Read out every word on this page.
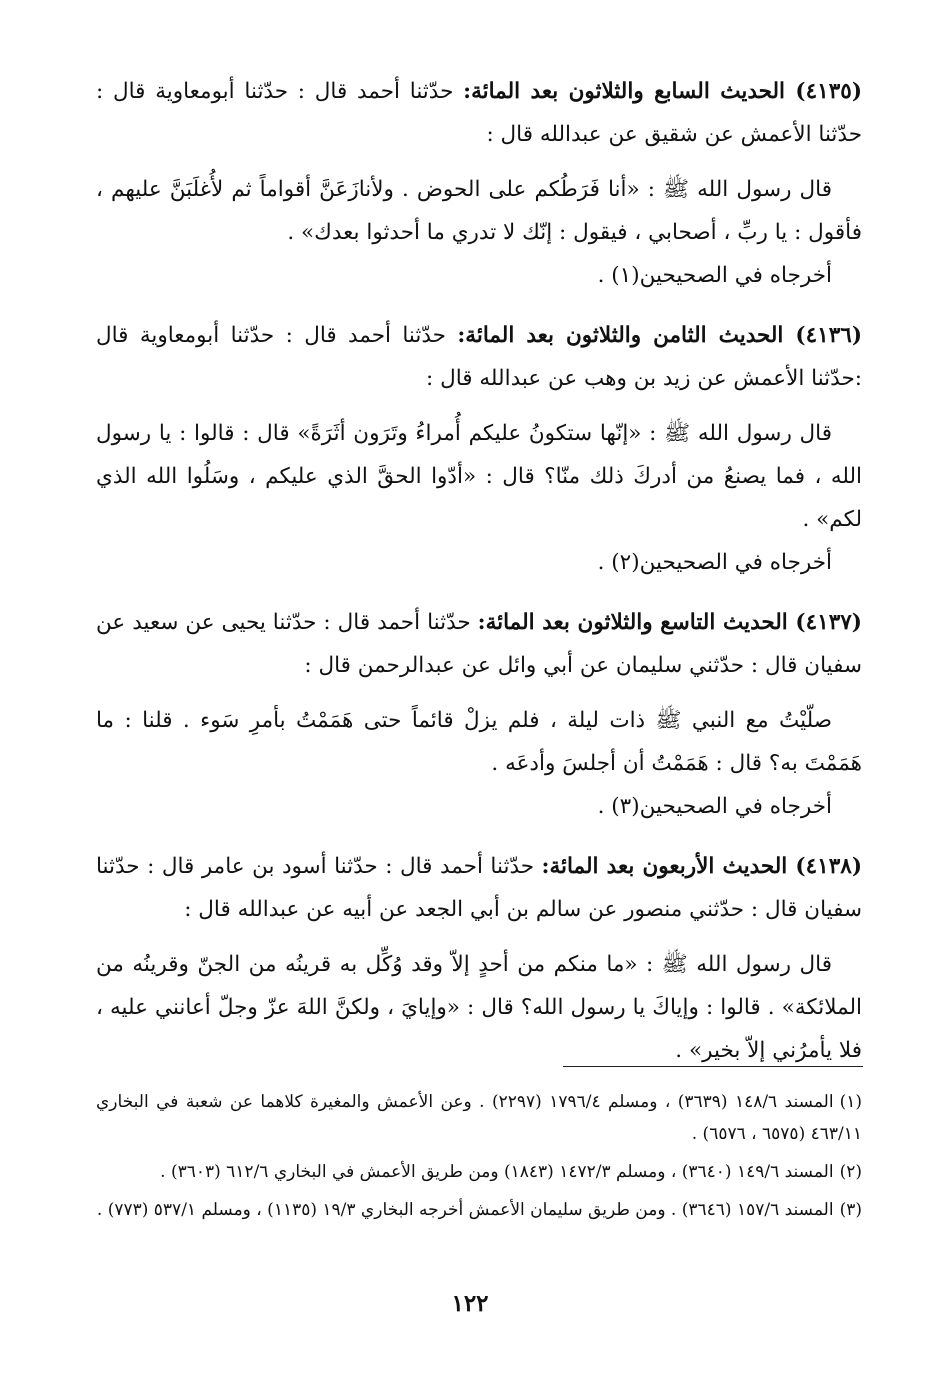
(٤١٣٥) الحديث السابع والثلاثون بعد المائة: حدّثنا أحمد قال : حدّثنا أبومعاوية قال : حدّثنا الأعمش عن شقيق عن عبدالله قال :

قال رسول الله ﷺ : «أنا فَرَطُكم على الحوض . ولأنازَعَنَّ أقواماً ثم لأُغلَبَنَّ عليهم ، فأقول : يا ربِّ ، أصحابي ، فيقول : إنّك لا تدري ما أحدثوا بعدك» .

أخرجاه في الصحيحين(١) .

(٤١٣٦) الحديث الثامن والثلاثون بعد المائة: حدّثنا أحمد قال : حدّثنا أبومعاوية قال :حدّثنا الأعمش عن زيد بن وهب عن عبدالله قال :

قال رسول الله ﷺ : «إنّها ستكونُ عليكم أُمراءُ وتَرَون أثَرَةً» قال : قالوا : يا رسول الله ، فما يصنعُ من أدركَ ذلك منّا؟ قال : «أدّوا الحقَّ الذي عليكم ، وسَلُوا الله الذي لكم» .

أخرجاه في الصحيحين(٢) .

(٤١٣٧) الحديث التاسع والثلاثون بعد المائة: حدّثنا أحمد قال : حدّثنا يحيى عن سعيد عن سفيان قال : حدّثني سليمان عن أبي وائل عن عبدالرحمن قال :

صلّيْتُ مع النبي ﷺ ذات ليلة ، فلم يزلْ قائماً حتى هَمَمْتُ بأمرِ سَوء . قلنا : ما هَمَمْتَ به؟ قال : هَمَمْتُ أن أجلسَ وأدعَه .

أخرجاه في الصحيحين(٣) .

(٤١٣٨) الحديث الأربعون بعد المائة: حدّثنا أحمد قال : حدّثنا أسود بن عامر قال : حدّثنا سفيان قال : حدّثني منصور عن سالم بن أبي الجعد عن أبيه عن عبدالله قال :

قال رسول الله ﷺ : «ما منكم من أحدٍ إلاّ وقد وُكِّل به قرينُه من الجنّ وقرينُه من الملائكة» . قالوا : وإياكَ يا رسول الله؟ قال : «وإيايَ ، ولكنَّ اللهَ عزّ وجلّ أعانني عليه ، فلا يأمرُني إلاّ بخير» .

(١)المسند ١٤٨/٦ (٣٦٣٩) ، ومسلم ١٧٩٦/٤ (٢٢٩٧) . وعن الأعمش والمغيرة كلاهما عن شعبة في البخاري ٤٦٣/١١ (٦٥٧٥ ، ٦٥٧٦) .

(٢)المسند ١٤٩/٦ (٣٦٤٠) ، ومسلم ١٤٧٢/٣ (١٨٤٣) ومن طريق الأعمش في البخاري ٦١٢/٦ (٣٦٠٣) .

(٣)المسند ١٥٧/٦ (٣٦٤٦) . ومن طريق سليمان الأعمش أخرجه البخاري ١٩/٣ (١١٣٥) ، ومسلم ٥٣٧/١ (٧٧٣) .

١٢٢
